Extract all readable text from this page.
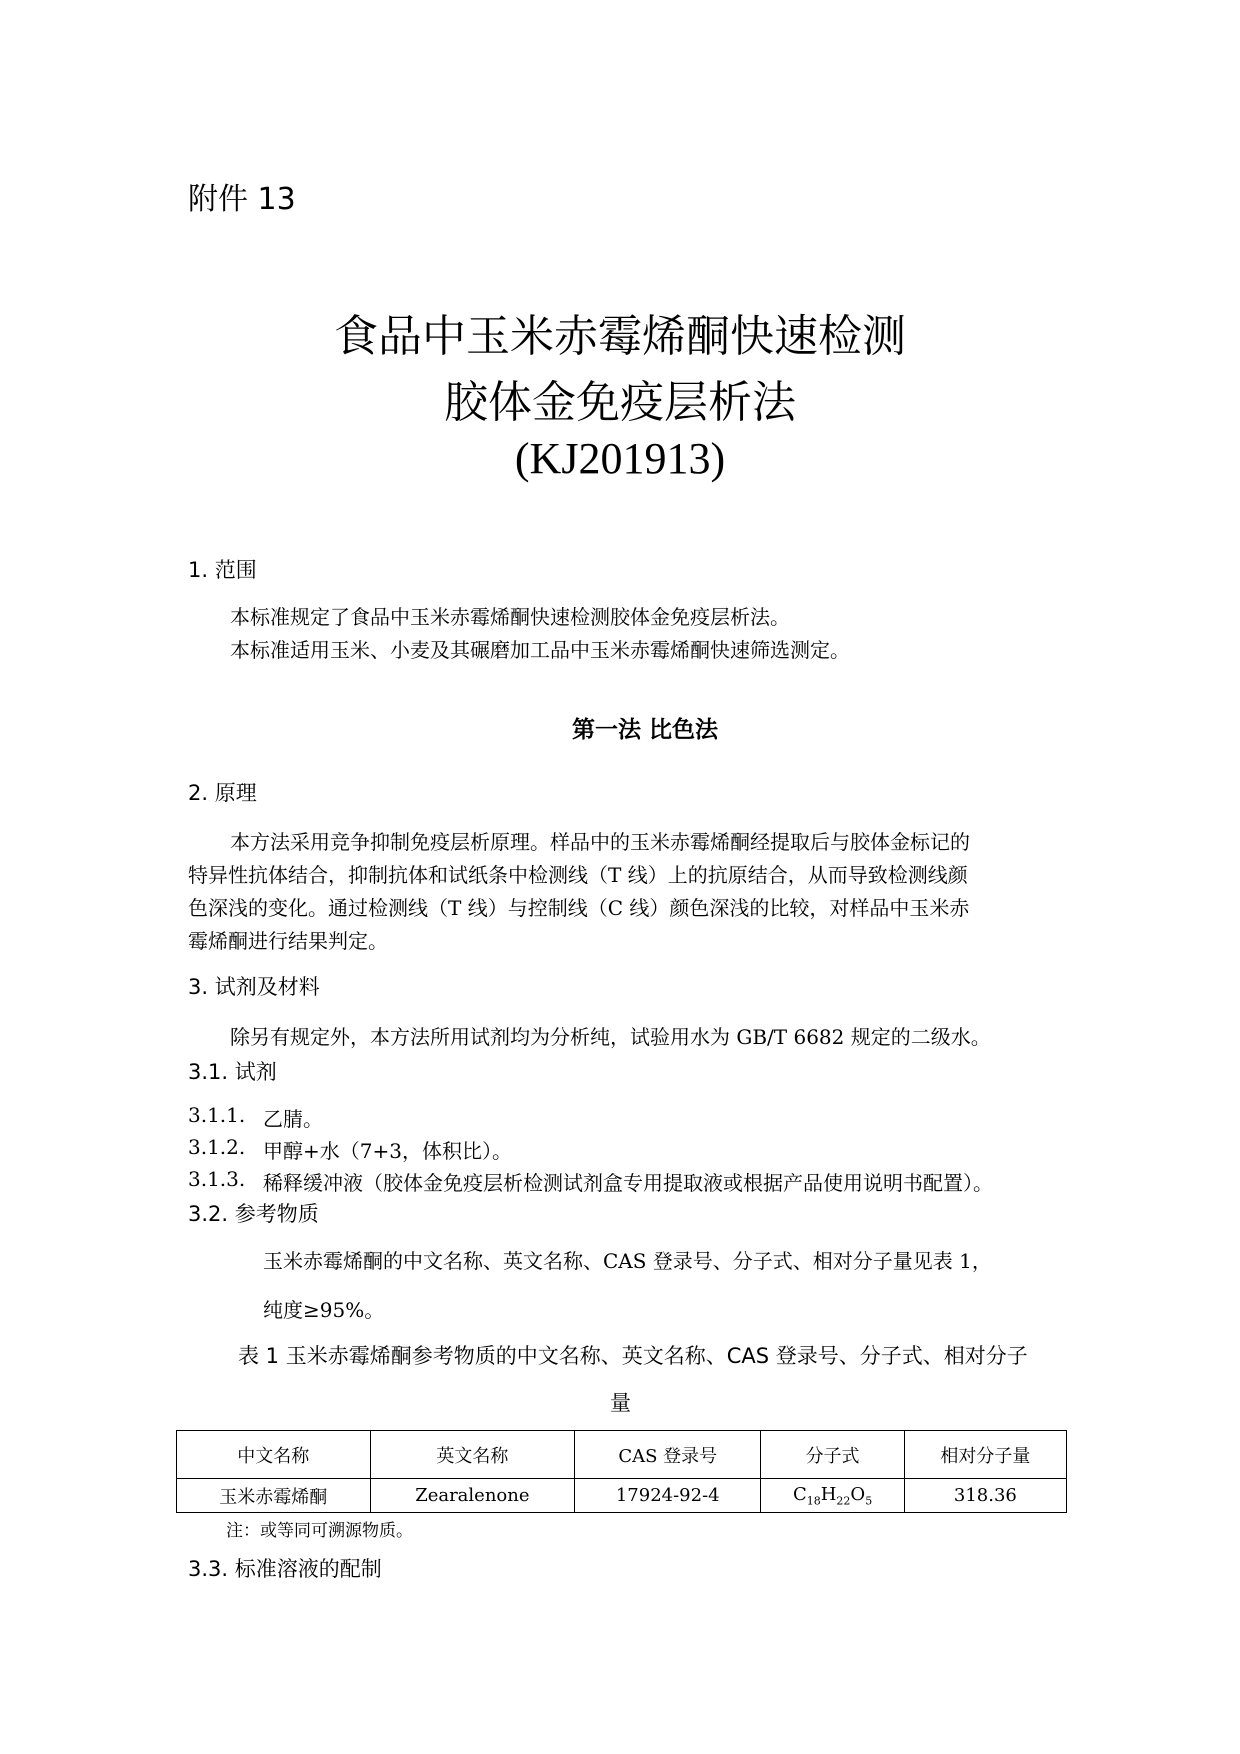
附件 13
食品中玉米赤霉烯酮快速检测
胶体金免疫层析法
(KJ201913)
1. 范围
本标准规定了食品中玉米赤霉烯酮快速检测胶体金免疫层析法。
本标准适用玉米、小麦及其碾磨加工品中玉米赤霉烯酮快速筛选测定。
第一法 比色法
2. 原理
本方法采用竞争抑制免疫层析原理。样品中的玉米赤霉烯酮经提取后与胶体金标记的
特异性抗体结合，抑制抗体和试纸条中检测线（T 线）上的抗原结合，从而导致检测线颜
色深浅的变化。通过检测线（T 线）与控制线（C 线）颜色深浅的比较，对样品中玉米赤
霉烯酮进行结果判定。
3. 试剂及材料
除另有规定外，本方法所用试剂均为分析纯，试验用水为 GB/T 6682 规定的二级水。
3.1. 试剂
3.1.1. 乙腈。
3.1.2. 甲醇+水（7+3，体积比）。
3.1.3. 稀释缓冲液（胶体金免疫层析检测试剂盒专用提取液或根据产品使用说明书配置）。
3.2. 参考物质
玉米赤霉烯酮的中文名称、英文名称、CAS 登录号、分子式、相对分子量见表 1，
纯度≥95%。
表 1 玉米赤霉烯酮参考物质的中文名称、英文名称、CAS 登录号、分子式、相对分子
量
中文名称	英文名称	CAS 登录号	分子式	相对分子量
玉米赤霉烯酮	Zearalenone	17924-92-4	$C_{18}H_{22}O_5$	318.36
注：或等同可溯源物质。
3.3. 标准溶液的配制
